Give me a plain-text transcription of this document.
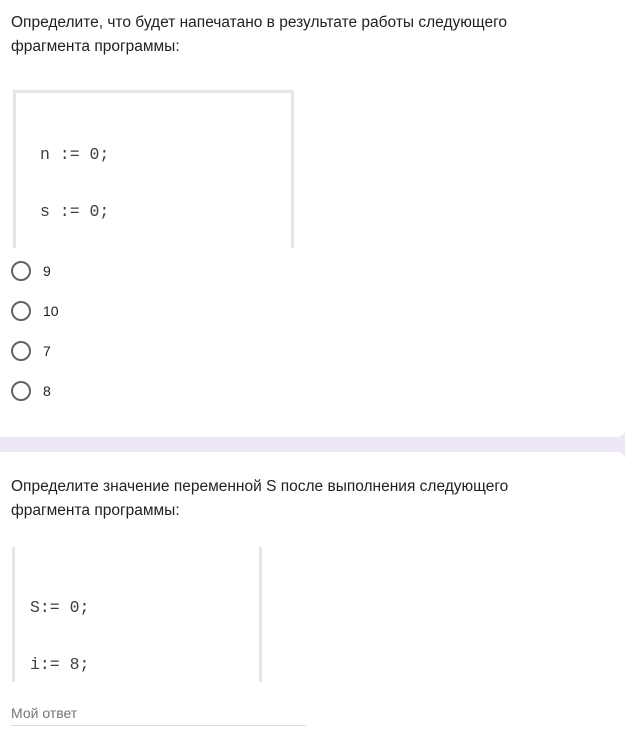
Определите, что будет напечатано в результате работы следующего фрагмента программы:

n := 0;

s := 0;

9
10
7
8
Определите значение переменной S после выполнения следующего фрагмента программы:

S:= 0;

i:= 8;

Мой ответ
